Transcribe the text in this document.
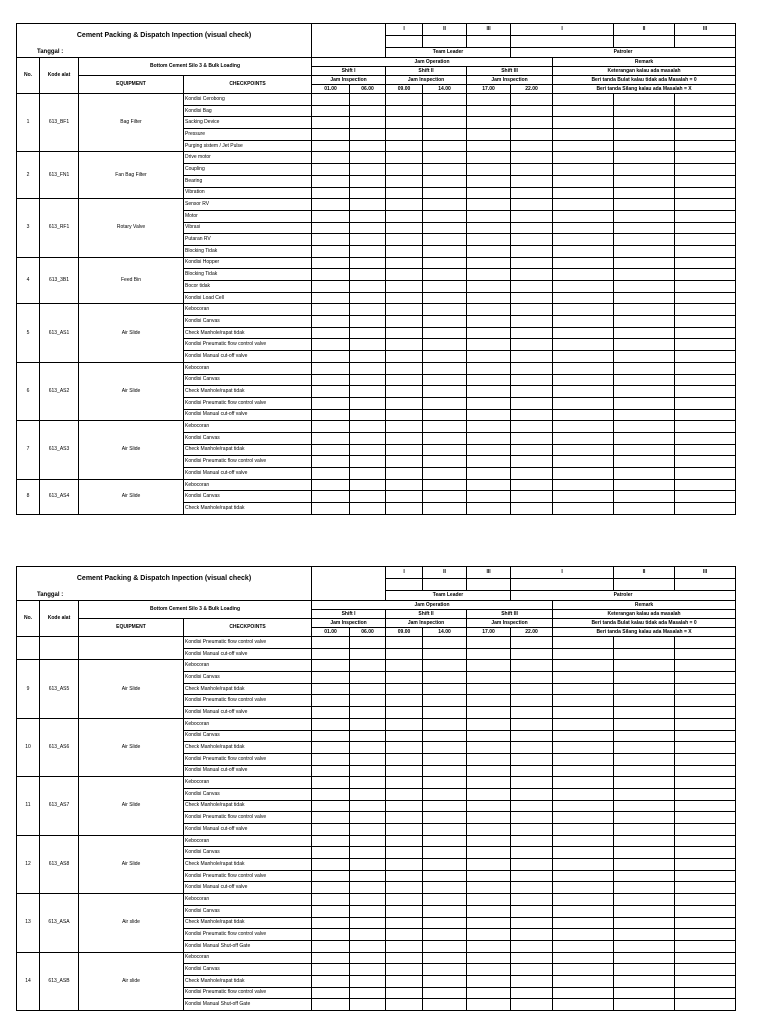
Cement Packing & Dispatch Inpection (visual check)						I	II	III	I		II	III

Tanggal :						Team Leader			Patroler			
No.	Kode alat	Bottom Cement Silo 3 & Bulk Loading		Jam Operation						Remark		
				Shift I		Shift II		Shift III		Keterangan kalau ada masalah		
		EQUIPMENT	CHECKPOINTS	Jam Inspection		Jam Inspection		Jam Inspection		Beri tanda Bulat kalau tidak ada Masalah = 0		
				01.00	06.00	09.00	14.00	17.00	22.00	Beri tanda Silang kalau ada Masalah = X		
1	613_BF1	Bag Filter	Kondisi Cerobong									
			Kondisi Bag									
			Sacking Device									
			Pressure									
			Purging sistem / Jet Pulse									
2	613_FN1	Fan Bag Filter	Drive motor									
			Coupling									
			Bearing									
			Vibration									
3	613_RF1	Rotary Valve	Sensor RV									
			Motor									
			Vibrasi									
			Putaran RV									
			Blocking Tidak									
4	613_3B1	Feed Bin	Kondisi Hopper									
			Blocking Tidak									
			Bocor tidak									
			Kondisi Load Cell									
5	613_AS1	Air Slide	Kebocoran									
			Kondisi Canvas									
			Check Manhole/rapat tidak									
			Kondisi Pneumatic flow control valve									
			Kondisi Manual cut-off valve									
6	613_AS2	Air Slide	Kebocoran									
			Kondisi Canvas									
			Check Manhole/rapat tidak									
			Kondisi Pneumatic flow control valve									
			Kondisi Manual cut-off valve									
7	613_AS3	Air Slide	Kebocoran									
			Kondisi Canvas									
			Check Manhole/rapat tidak									
			Kondisi Pneumatic flow control valve									
			Kondisi Manual cut-off valve									
8	613_AS4	Air Slide	Kebocoran									
			Kondisi Canvas									
			Check Manhole/rapat tidak									
Cement Packing & Dispatch Inpection (visual check)						I	II	III	I		II	III

Tanggal :						Team Leader			Patroler			
No.	Kode alat	Bottom Cement Silo 3 & Bulk Loading		Jam Operation						Remark		
				Shift I		Shift II		Shift III		Keterangan kalau ada masalah		
		EQUIPMENT	CHECKPOINTS	Jam Inspection		Jam Inspection		Jam Inspection		Beri tanda Bulat kalau tidak ada Masalah = 0		
				01.00	06.00	09.00	14.00	17.00	22.00	Beri tanda Silang kalau ada Masalah = X		
			Kondisi Pneumatic flow control valve									
			Kondisi Manual cut-off valve									
9	613_AS5	Air Slide	Kebocoran									
			Kondisi Canvas									
			Check Manhole/rapat tidak									
			Kondisi Pneumatic flow control valve									
			Kondisi Manual cut-off valve									
10	613_AS6	Air Slide	Kebocoran									
			Kondisi Canvas									
			Check Manhole/rapat tidak									
			Kondisi Pneumatic flow control valve									
			Kondisi Manual cut-off valve									
11	613_AS7	Air Slide	Kebocoran									
			Kondisi Canvas									
			Check Manhole/rapat tidak									
			Kondisi Pneumatic flow control valve									
			Kondisi Manual cut-off valve									
12	613_AS8	Air Slide	Kebocoran									
			Kondisi Canvas									
			Check Manhole/rapat tidak									
			Kondisi Pneumatic flow control valve									
			Kondisi Manual cut-off valve									
13	613_ASA	Air slide	Kebocoran									
			Kondisi Canvas									
			Check Manhole/rapat tidak									
			Kondisi Pneumatic flow control valve									
			Kondisi Manual Shut-off Gate									
14	613_ASB	Air slide	Kebocoran									
			Kondisi Canvas									
			Check Manhole/rapat tidak									
			Kondisi Pneumatic flow control valve									
			Kondisi Manual Shut-off Gate									
